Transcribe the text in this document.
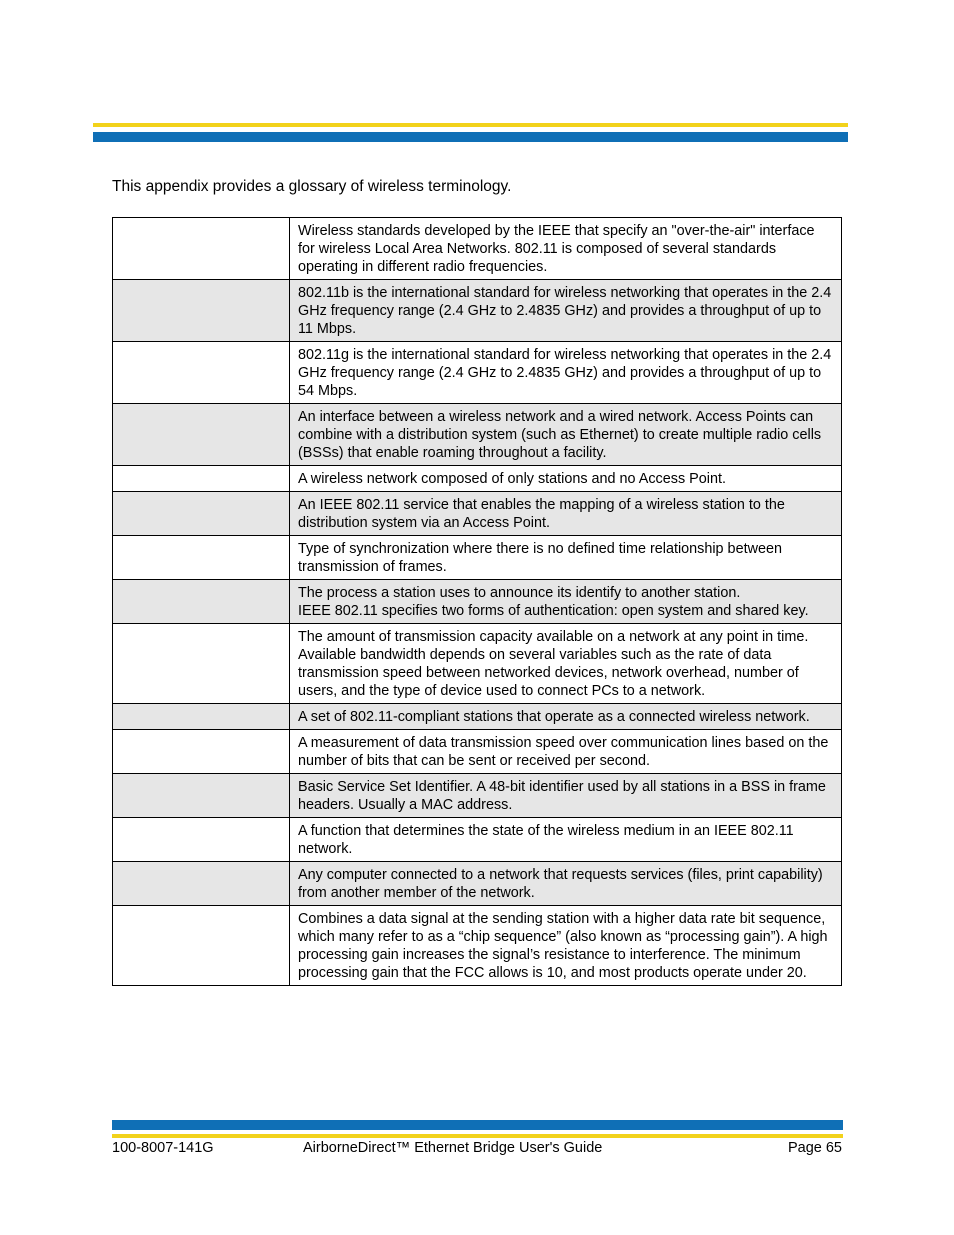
This appendix provides a glossary of wireless terminology.
	Wireless standards developed by the IEEE that specify an "over-the-air" interface for wireless Local Area Networks. 802.11 is composed of several standards operating in different radio frequencies.
	802.11b is the international standard for wireless networking that operates in the 2.4 GHz frequency range (2.4 GHz to 2.4835 GHz) and provides a throughput of up to 11 Mbps.
	802.11g is the international standard for wireless networking that operates in the 2.4 GHz frequency range (2.4 GHz to 2.4835 GHz) and provides a throughput of up to 54 Mbps.
	An interface between a wireless network and a wired network. Access Points can combine with a distribution system (such as Ethernet) to create multiple radio cells (BSSs) that enable roaming throughout a facility.
	A wireless network composed of only stations and no Access Point.
	An IEEE 802.11 service that enables the mapping of a wireless station to the distribution system via an Access Point.
	Type of synchronization where there is no defined time relationship between transmission of frames.
	The process a station uses to announce its identify to another station.
IEEE 802.11 specifies two forms of authentication: open system and shared key.
	The amount of transmission capacity available on a network at any point in time. Available bandwidth depends on several variables such as the rate of data transmission speed between networked devices, network overhead, number of users, and the type of device used to connect PCs to a network.
	A set of 802.11-compliant stations that operate as a connected wireless network.
	A measurement of data transmission speed over communication lines based on the number of bits that can be sent or received per second.
	Basic Service Set Identifier. A 48-bit identifier used by all stations in a BSS in frame headers. Usually a MAC address.
	A function that determines the state of the wireless medium in an IEEE 802.11 network.
	Any computer connected to a network that requests services (files, print capability) from another member of the network.
	Combines a data signal at the sending station with a higher data rate bit sequence, which many refer to as a “chip sequence” (also known as “processing gain”). A high processing gain increases the signal’s resistance to interference. The minimum processing gain that the FCC allows is 10, and most products operate under 20.
100-8007-141G	AirborneDirect™ Ethernet Bridge User's Guide	Page 65
